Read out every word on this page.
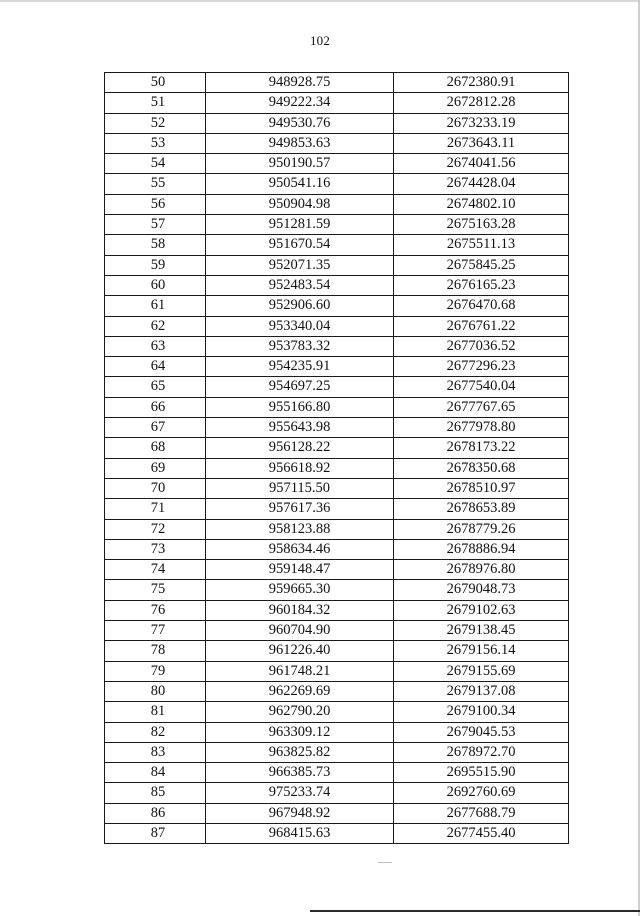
102
50	948928.75	2672380.91
51	949222.34	2672812.28
52	949530.76	2673233.19
53	949853.63	2673643.11
54	950190.57	2674041.56
55	950541.16	2674428.04
56	950904.98	2674802.10
57	951281.59	2675163.28
58	951670.54	2675511.13
59	952071.35	2675845.25
60	952483.54	2676165.23
61	952906.60	2676470.68
62	953340.04	2676761.22
63	953783.32	2677036.52
64	954235.91	2677296.23
65	954697.25	2677540.04
66	955166.80	2677767.65
67	955643.98	2677978.80
68	956128.22	2678173.22
69	956618.92	2678350.68
70	957115.50	2678510.97
71	957617.36	2678653.89
72	958123.88	2678779.26
73	958634.46	2678886.94
74	959148.47	2678976.80
75	959665.30	2679048.73
76	960184.32	2679102.63
77	960704.90	2679138.45
78	961226.40	2679156.14
79	961748.21	2679155.69
80	962269.69	2679137.08
81	962790.20	2679100.34
82	963309.12	2679045.53
83	963825.82	2678972.70
84	966385.73	2695515.90
85	975233.74	2692760.69
86	967948.92	2677688.79
87	968415.63	2677455.40
